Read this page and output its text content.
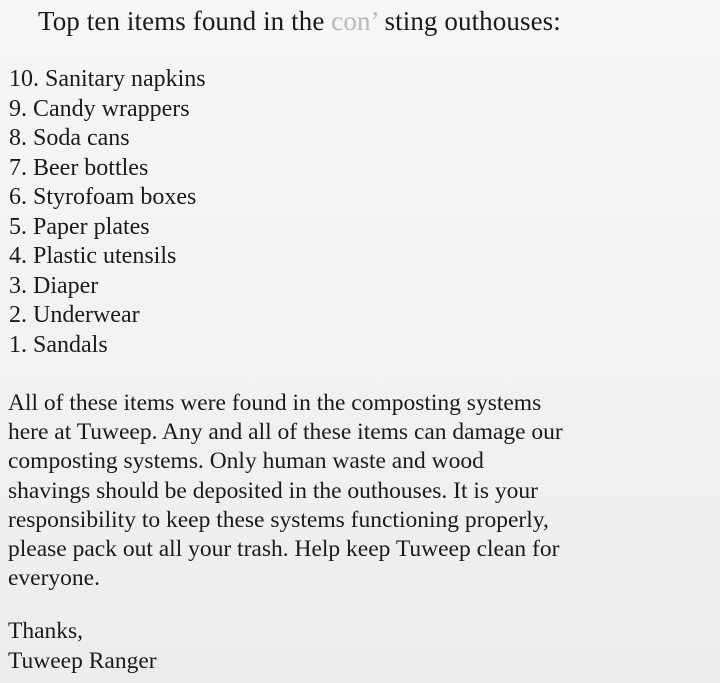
Top ten items found in the con’ sting outhouses:
10. Sanitary napkins
9. Candy wrappers
8. Soda cans
7. Beer bottles
6. Styrofoam boxes
5. Paper plates
4. Plastic utensils
3. Diaper
2. Underwear
1. Sandals
All of these items were found in the composting systems
here at Tuweep. Any and all of these items can damage our
composting systems. Only human waste and wood
shavings should be deposited in the outhouses. It is your
responsibility to keep these systems functioning properly,
please pack out all your trash. Help keep Tuweep clean for
everyone.
Thanks,
Tuweep Ranger
